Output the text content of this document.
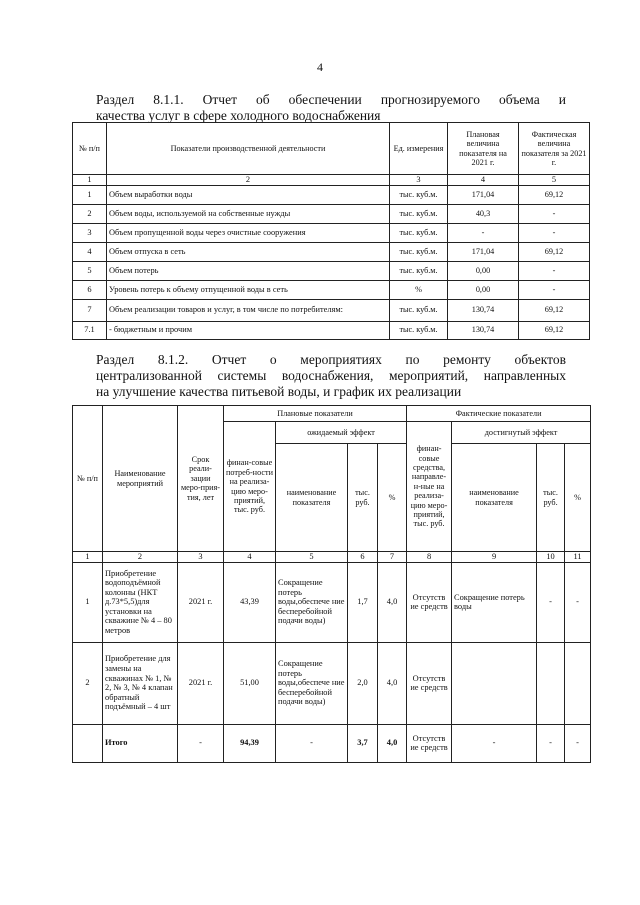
4
Раздел 8.1.1. Отчет об обеспечении прогнозируемого объема и
качества услуг в сфере холодного водоснабжения
№ п/п	Показатели производственной деятельности	Ед. измерения	Плановая величина показателя на 2021 г.	Фактическая величина показателя за 2021 г.
1	2	3	4	5
1	Объем выработки воды	тыс. куб.м.	171,04	69,12
2	Объем воды, используемой на собственные нужды	тыс. куб.м.	40,3	-
3	Объем пропущенной воды через очистные сооружения	тыс. куб.м.	-	-
4	Объем отпуска в сеть	тыс. куб.м.	171,04	69,12
5	Объем потерь	тыс. куб.м.	0,00	-
6	Уровень потерь к объему отпущенной воды в сеть	%	0,00	-
7	Объем реализации товаров и услуг, в том числе по потребителям:	тыс. куб.м.	130,74	69,12
7.1	- бюджетным и прочим	тыс. куб.м.	130,74	69,12
Раздел 8.1.2. Отчет о мероприятиях по ремонту объектов
централизованной системы водоснабжения, мероприятий, направленных
на улучшение качества питьевой воды, и график их реализации
№ п/п	Наименование мероприятий	Срок реали-зации меро-прия-тия, лет	Плановые показатели				Фактические показатели			
			финан-совые потреб-ности на реализа-цию меро-приятий, тыс. руб.	ожидаемый эффект			финан-совые средства, направле-н-ные на реализа-цию меро-приятий, тыс. руб.	достигнутый эффект		
				наименование показателя	тыс. руб.	%		наименование показателя	тыс. руб.	%
1	2	3	4	5	6	7	8	9	10	11
1	Приобретение водоподъёмной колонны (НКТ д.73*5,5)для установки на скважине № 4 – 80 метров	2021 г.	43,39	Сокращение потерь воды,обеспече ние бесперебойной подачи воды)	1,7	4,0	Отсутств ие средств	Сокращение потерь воды	-	-
2	Приобретение для замены на скважинах № 1, № 2, № 3, № 4 клапан обратный подъёмный – 4 шт	2021 г.	51,00	Сокращение потерь воды,обеспече ние бесперебойной подачи воды)	2,0	4,0	Отсутств ие средств			
	Итого	-	94,39	-	3,7	4,0	Отсутств ие средств	-	-	-
